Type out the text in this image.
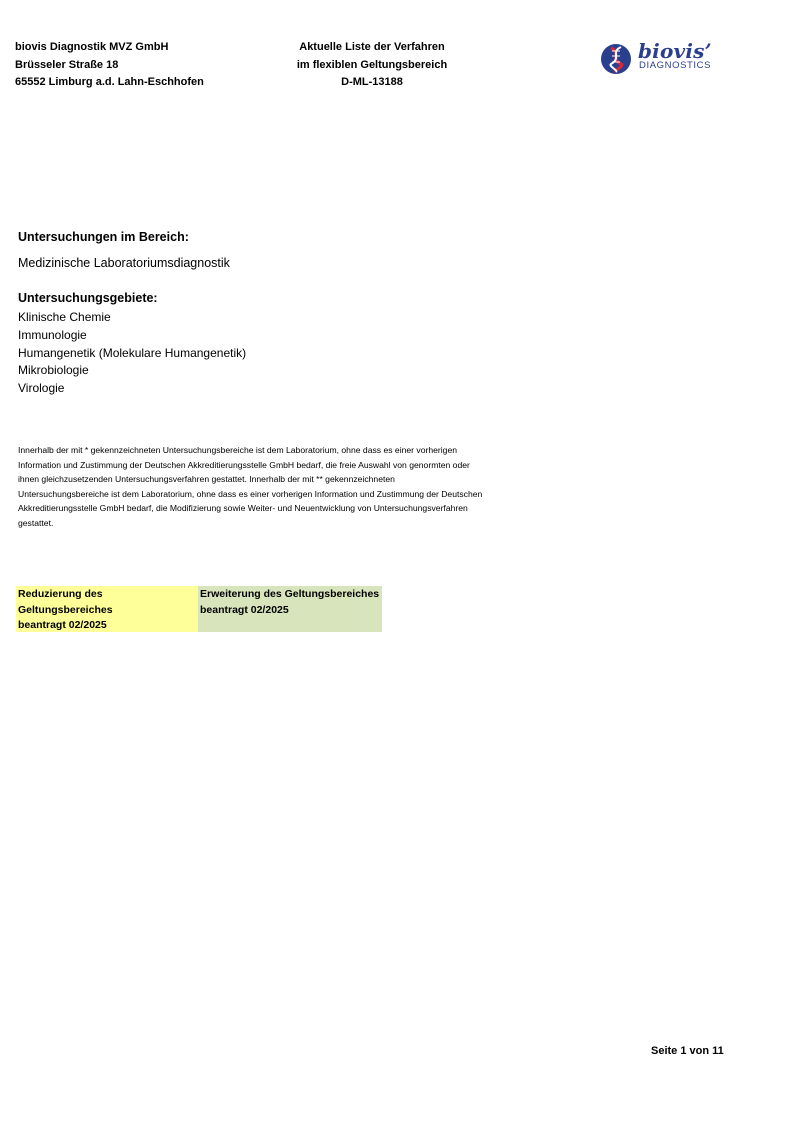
biovis Diagnostik MVZ GmbH
Brüsseler Straße 18
65552 Limburg a.d. Lahn-Eschhofen
Aktuelle Liste der Verfahren
im flexiblen Geltungsbereich
D-ML-13188
biovis’
DIAGNOSTICS
Untersuchungen im Bereich:
Medizinische Laboratoriumsdiagnostik
Untersuchungsgebiete:
Klinische Chemie
Immunologie
Humangenetik (Molekulare Humangenetik)
Mikrobiologie
Virologie
Innerhalb der mit * gekennzeichneten Untersuchungsbereiche ist dem Laboratorium, ohne dass es einer vorherigen
Information und Zustimmung der Deutschen Akkreditierungsstelle GmbH bedarf, die freie Auswahl von genormten oder
ihnen gleichzusetzenden Untersuchungsverfahren gestattet. Innerhalb der mit ** gekennzeichneten
Untersuchungsbereiche ist dem Laboratorium, ohne dass es einer vorherigen Information und Zustimmung der Deutschen
Akkreditierungsstelle GmbH bedarf, die Modifizierung sowie Weiter- und Neuentwicklung von Untersuchungsverfahren
gestattet.
Reduzierung des
Geltungsbereiches
beantragt 02/2025
Erweiterung des Geltungsbereiches
beantragt 02/2025
Seite 1 von 11
